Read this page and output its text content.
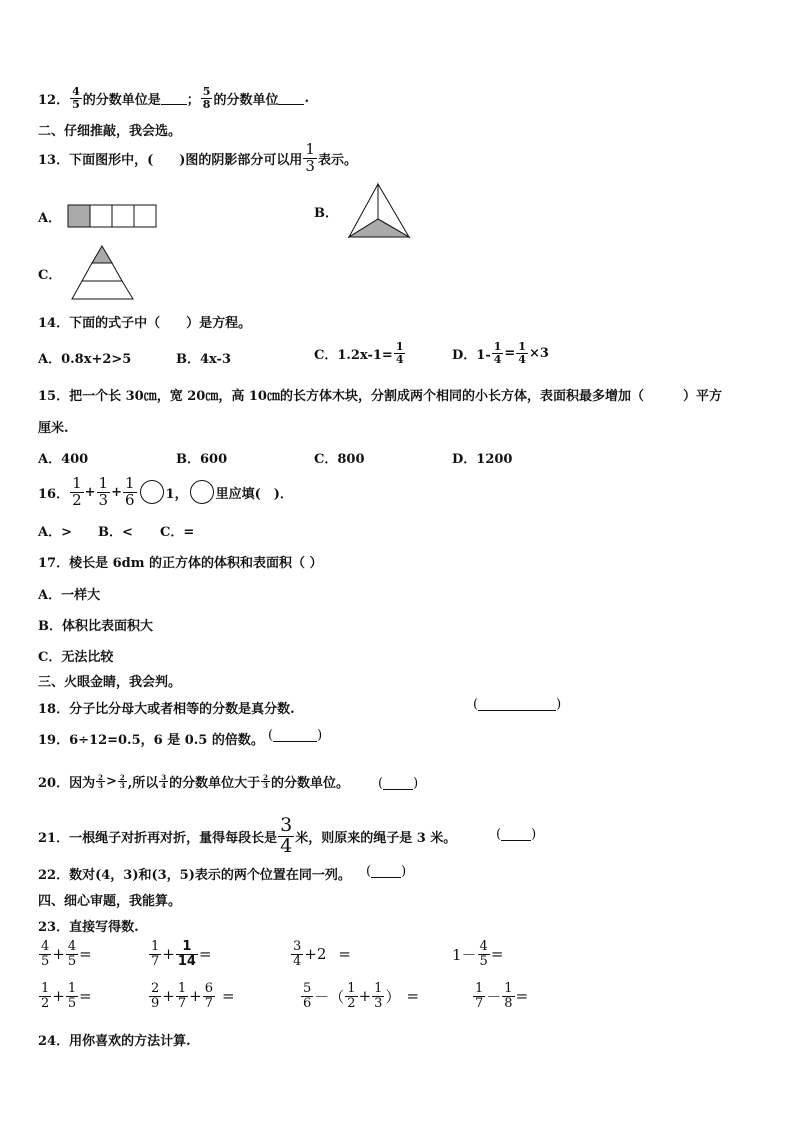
12． $\frac{4}{5}$ 的分数单位是 ； $\frac{5}{8}$ 的分数单位 .
二、仔细推敲，我会选。
13．下面图形中，(　　)图的阴影部分可以用 $\frac{1}{3}$ 表示。
A．	B．
C．
14．下面的式子中（　　）是方程。
A．0.8x+2>5	B．4x-3	C．$1.2x-1= \frac{1}{4}$	D．$1- \frac{1}{4} = \frac{1}{4} \times 3$
15．把一个长 30㎝，宽 20㎝，高 10㎝的长方体木块，分割成两个相同的小长方体，表面积最多增加（　　　）平方
厘米.
A．400	B．600	C．800	D．1200
16． $\frac{1}{2} + \frac{1}{3} + \frac{1}{6} 1$， 里应填(　)．
A．> B．< C．=
17．棱长是 6dm 的正方体的体积和表面积（ ）
A．一样大
B．体积比表面积大
C．无法比较
三、火眼金睛，我会判。
18．分子比分母大或者相等的分数是真分数.	(	)
19．6÷12=0.5，6 是 0.5 的倍数。 (	)
20．因为 $\frac{2}{3} > \frac{2}{3}$ ,所以 $\frac{3}{4}$ 的分数单位大于 $\frac{2}{3}$ 的分数单位。 ( )
21．一根绳子对折再对折，量得每段长是 $\frac{3}{4}$ 米，则原来的绳子是 3 米。	( )
22．数对(4，3)和(3，5)表示的两个位置在同一列。 ( )
四、细心审题，我能算。
23．直接写得数.
$\frac{4}{5} + \frac{4}{5}$ =	$\frac{1}{7} + \frac{1}{14}$ =	$\frac{3}{4} +2$ =	$1- \frac{4}{5}$ =
$\frac{1}{2} + \frac{1}{5}$ =	$\frac{2}{9} + \frac{1}{7} + \frac{6}{7}$ =	$\frac{5}{6}$ －（ $\frac{1}{2} + \frac{1}{3}$ ） =	$\frac{1}{7} - \frac{1}{8}$ =
24．用你喜欢的方法计算.
